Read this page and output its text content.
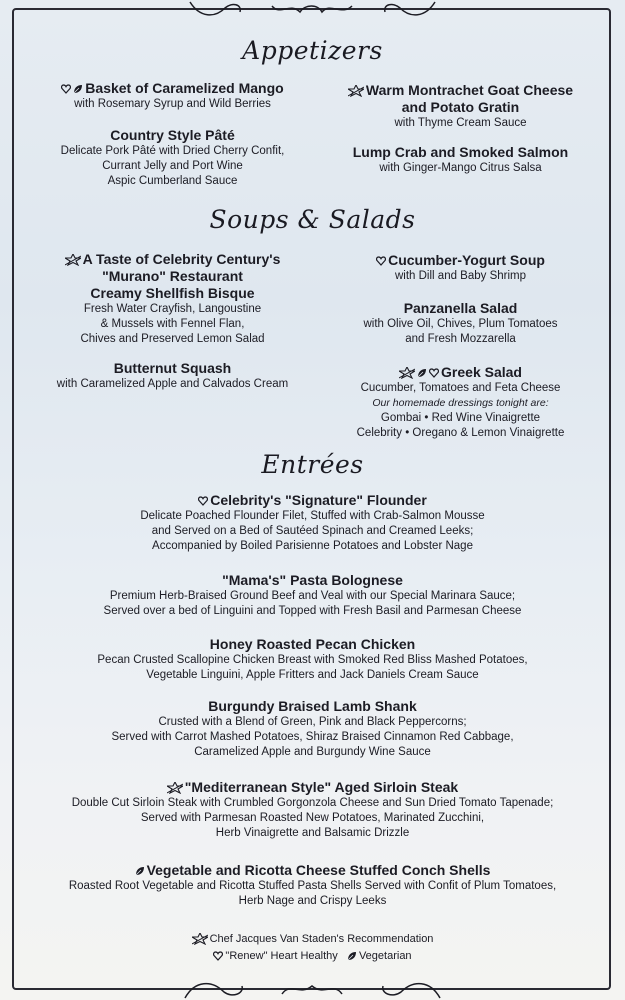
Appetizers
Basket of Caramelized Mango
with Rosemary Syrup and Wild Berries
Country Style Pâté
Delicate Pork Pâté with Dried Cherry Confit,
Currant Jelly and Port Wine
Aspic Cumberland Sauce
Warm Montrachet Goat Cheese
and Potato Gratin
with Thyme Cream Sauce
Lump Crab and Smoked Salmon
with Ginger-Mango Citrus Salsa
Soups & Salads
A Taste of Celebrity Century's
"Murano" Restaurant
Creamy Shellfish Bisque
Fresh Water Crayfish, Langoustine
& Mussels with Fennel Flan,
Chives and Preserved Lemon Salad
Butternut Squash
with Caramelized Apple and Calvados Cream
Cucumber-Yogurt Soup
with Dill and Baby Shrimp
Panzanella Salad
with Olive Oil, Chives, Plum Tomatoes
and Fresh Mozzarella
Greek Salad
Cucumber, Tomatoes and Feta Cheese
Our homemade dressings tonight are:
Gombai • Red Wine Vinaigrette
Celebrity • Oregano & Lemon Vinaigrette
Entrées
Celebrity's "Signature" Flounder
Delicate Poached Flounder Filet, Stuffed with Crab-Salmon Mousse
and Served on a Bed of Sautéed Spinach and Creamed Leeks;
Accompanied by Boiled Parisienne Potatoes and Lobster Nage
"Mama's" Pasta Bolognese
Premium Herb-Braised Ground Beef and Veal with our Special Marinara Sauce;
Served over a bed of Linguini and Topped with Fresh Basil and Parmesan Cheese
Honey Roasted Pecan Chicken
Pecan Crusted Scallopine Chicken Breast with Smoked Red Bliss Mashed Potatoes,
Vegetable Linguini, Apple Fritters and Jack Daniels Cream Sauce
Burgundy Braised Lamb Shank
Crusted with a Blend of Green, Pink and Black Peppercorns;
Served with Carrot Mashed Potatoes, Shiraz Braised Cinnamon Red Cabbage,
Caramelized Apple and Burgundy Wine Sauce
"Mediterranean Style" Aged Sirloin Steak
Double Cut Sirloin Steak with Crumbled Gorgonzola Cheese and Sun Dried Tomato Tapenade;
Served with Parmesan Roasted New Potatoes, Marinated Zucchini,
Herb Vinaigrette and Balsamic Drizzle
Vegetable and Ricotta Cheese Stuffed Conch Shells
Roasted Root Vegetable and Ricotta Stuffed Pasta Shells Served with Confit of Plum Tomatoes,
Herb Nage and Crispy Leeks
Chef Jacques Van Staden's Recommendation
"Renew" Heart Healthy Vegetarian
